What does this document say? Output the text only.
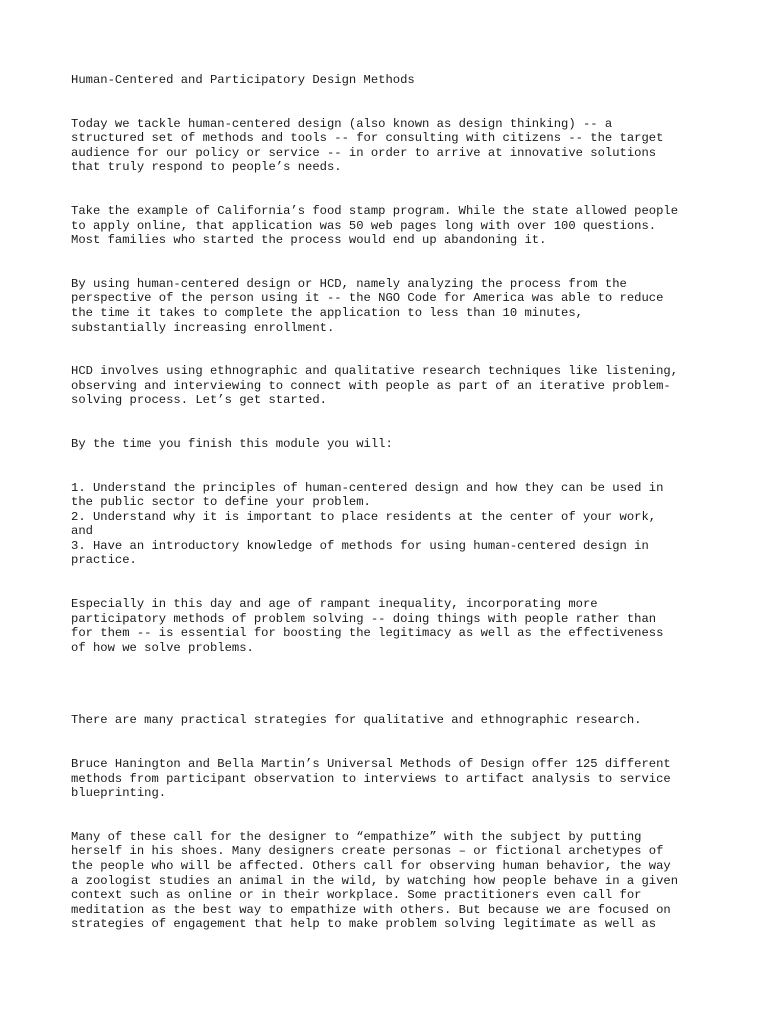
Human-Centered and Participatory Design Methods
Today we tackle human-centered design (also known as design thinking) -- a
structured set of methods and tools -- for consulting with citizens -- the target
audience for our policy or service -- in order to arrive at innovative solutions
that truly respond to people’s needs.
Take the example of California’s food stamp program. While the state allowed people
to apply online, that application was 50 web pages long with over 100 questions.
Most families who started the process would end up abandoning it.
By using human-centered design or HCD, namely analyzing the process from the
perspective of the person using it -- the NGO Code for America was able to reduce
the time it takes to complete the application to less than 10 minutes,
substantially increasing enrollment.
HCD involves using ethnographic and qualitative research techniques like listening,
observing and interviewing to connect with people as part of an iterative problem-
solving process. Let’s get started.
By the time you finish this module you will:
1. Understand the principles of human-centered design and how they can be used in
the public sector to define your problem.
2. Understand why it is important to place residents at the center of your work,
and
3. Have an introductory knowledge of methods for using human-centered design in
practice.
Especially in this day and age of rampant inequality, incorporating more
participatory methods of problem solving -- doing things with people rather than
for them -- is essential for boosting the legitimacy as well as the effectiveness
of how we solve problems.
There are many practical strategies for qualitative and ethnographic research.
Bruce Hanington and Bella Martin’s Universal Methods of Design offer 125 different
methods from participant observation to interviews to artifact analysis to service
blueprinting.
Many of these call for the designer to “empathize” with the subject by putting
herself in his shoes. Many designers create personas – or fictional archetypes of
the people who will be affected. Others call for observing human behavior, the way
a zoologist studies an animal in the wild, by watching how people behave in a given
context such as online or in their workplace. Some practitioners even call for
meditation as the best way to empathize with others. But because we are focused on
strategies of engagement that help to make problem solving legitimate as well as
